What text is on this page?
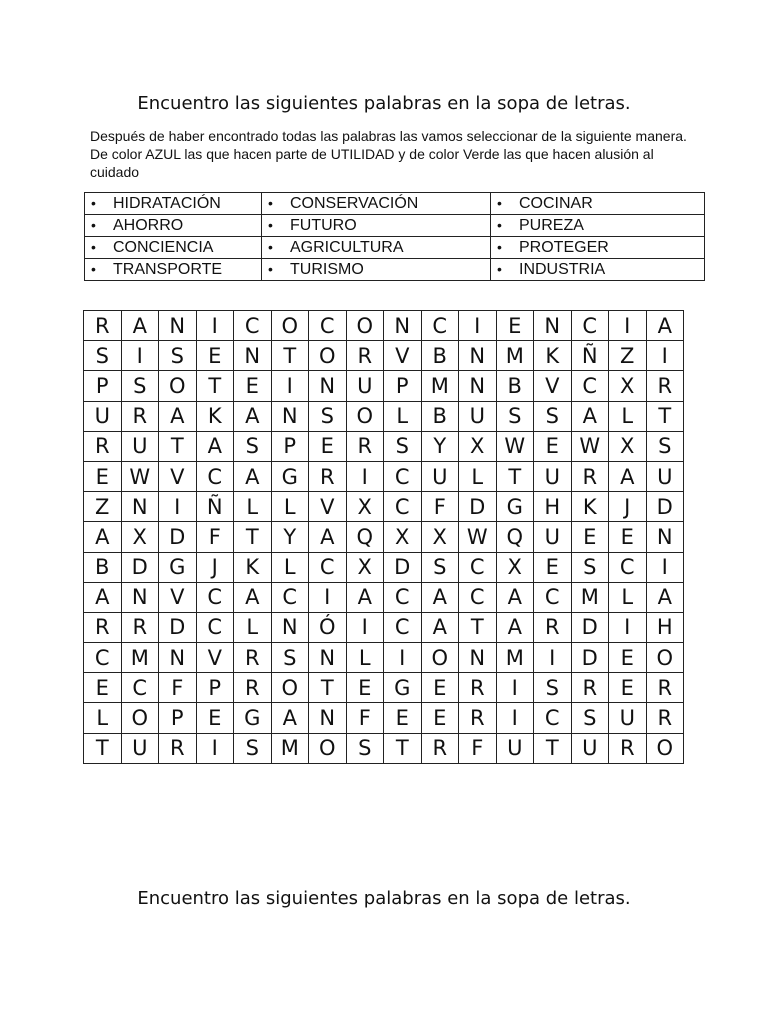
Encuentro las siguientes palabras en la sopa de letras.

Después de haber encontrado todas las palabras las vamos seleccionar de la siguiente manera. De color AZUL las que hacen parte de UTILIDAD y de color Verde las que hacen alusión al cuidado

• HIDRATACIÓN	• CONSERVACIÓN	• COCINAR
• AHORRO	• FUTURO	• PUREZA
• CONCIENCIA	• AGRICULTURA	• PROTEGER
• TRANSPORTE	• TURISMO	• INDUSTRIA
R	A	N	I	C	O	C	O	N	C	I	E	N	C	I	A
S	I	S	E	N	T	O	R	V	B	N	M	K	Ñ	Z	I
P	S	O	T	E	I	N	U	P	M	N	B	V	C	X	R
U	R	A	K	A	N	S	O	L	B	U	S	S	A	L	T
R	U	T	A	S	P	E	R	S	Y	X	W	E	W	X	S
E	W	V	C	A	G	R	I	C	U	L	T	U	R	A	U
Z	N	I	Ñ	L	L	V	X	C	F	D	G	H	K	J	D
A	X	D	F	T	Y	A	Q	X	X	W	Q	U	E	E	N
B	D	G	J	K	L	C	X	D	S	C	X	E	S	C	I
A	N	V	C	A	C	I	A	C	A	C	A	C	M	L	A
R	R	D	C	L	N	Ó	I	C	A	T	A	R	D	I	H
C	M	N	V	R	S	N	L	I	O	N	M	I	D	E	O
E	C	F	P	R	O	T	E	G	E	R	I	S	R	E	R
L	O	P	E	G	A	N	F	E	E	R	I	C	S	U	R
T	U	R	I	S	M	O	S	T	R	F	U	T	U	R	O
Encuentro las siguientes palabras en la sopa de letras.
